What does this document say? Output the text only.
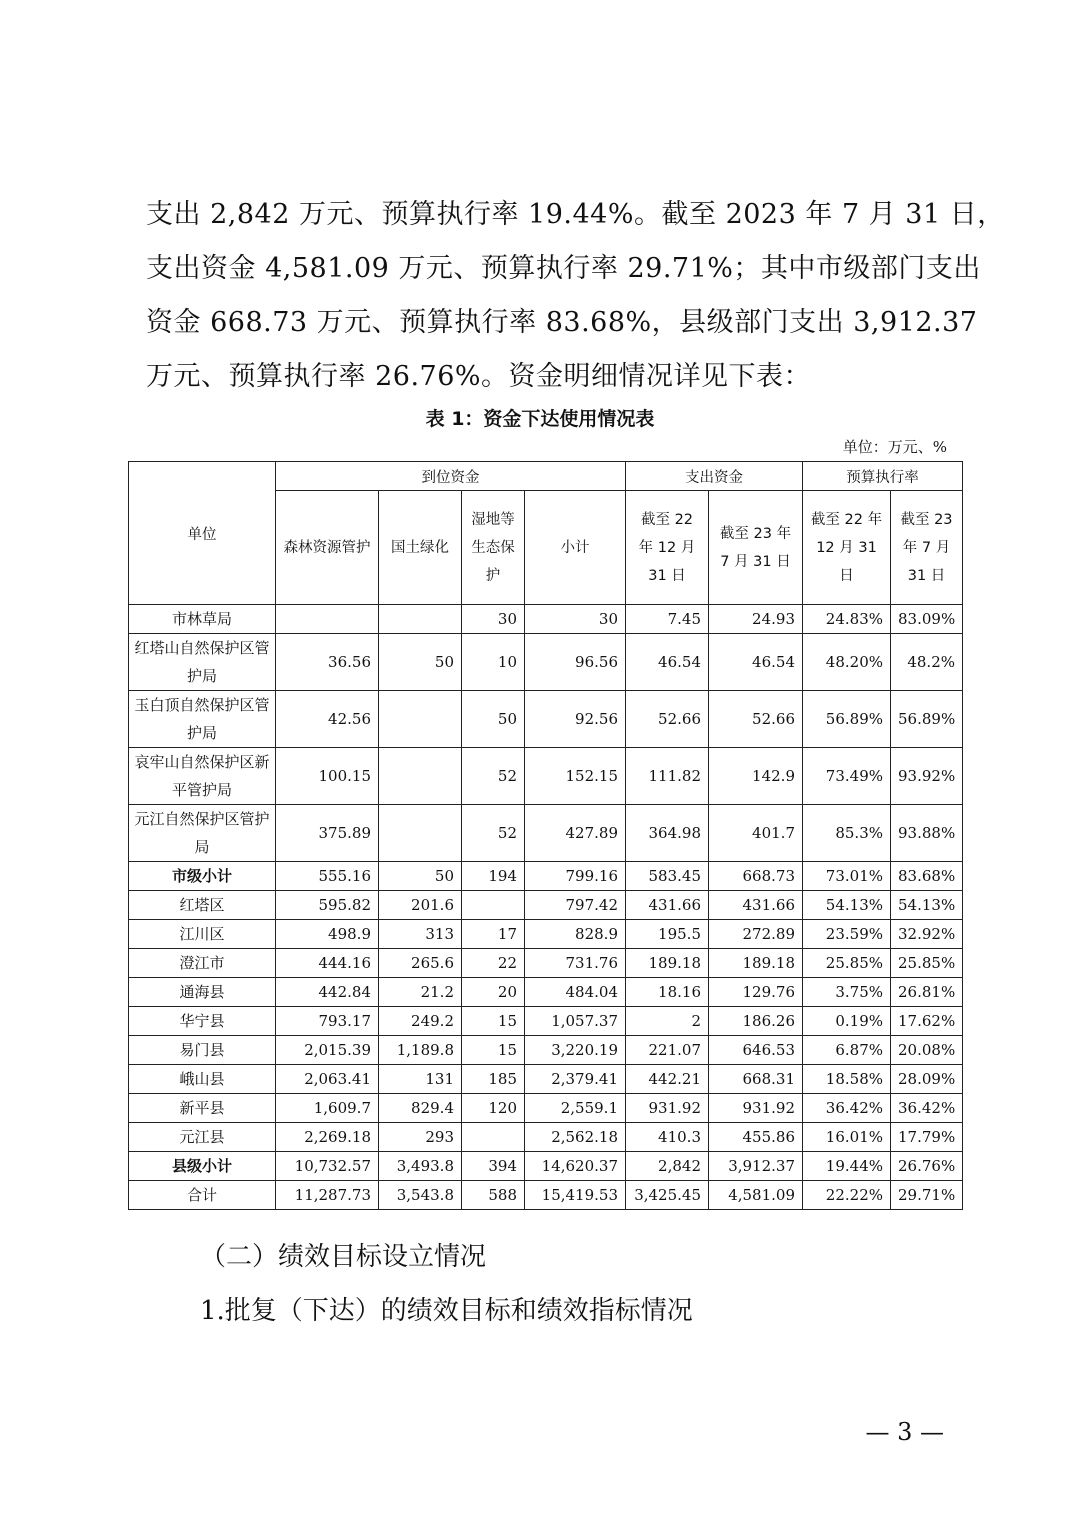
支出 2,842 万元、预算执行率 19.44%。截至 2023 年 7 月 31 日，

支出资金 4,581.09 万元、预算执行率 29.71%；其中市级部门支出

资金 668.73 万元、预算执行率 83.68%，县级部门支出 3,912.37

万元、预算执行率 26.76%。资金明细情况详见下表：

表 1：资金下达使用情况表
单位：万元、%
单位	到位资金				支出资金		预算执行率	
	森林资源管护	国土绿化	湿地等生态保护	小计	截至 22 年 12 月 31 日	截至 23 年 7 月 31 日	截至 22 年 12 月 31 日	截至 23 年 7 月 31 日
市林草局			30	30	7.45	24.93	24.83%	83.09%
红塔山自然保护区管护局	36.56	50	10	96.56	46.54	46.54	48.20%	48.2%
玉白顶自然保护区管护局	42.56		50	92.56	52.66	52.66	56.89%	56.89%
哀牢山自然保护区新平管护局	100.15		52	152.15	111.82	142.9	73.49%	93.92%
元江自然保护区管护局	375.89		52	427.89	364.98	401.7	85.3%	93.88%
市级小计	555.16	50	194	799.16	583.45	668.73	73.01%	83.68%
红塔区	595.82	201.6		797.42	431.66	431.66	54.13%	54.13%
江川区	498.9	313	17	828.9	195.5	272.89	23.59%	32.92%
澄江市	444.16	265.6	22	731.76	189.18	189.18	25.85%	25.85%
通海县	442.84	21.2	20	484.04	18.16	129.76	3.75%	26.81%
华宁县	793.17	249.2	15	1,057.37	2	186.26	0.19%	17.62%
易门县	2,015.39	1,189.8	15	3,220.19	221.07	646.53	6.87%	20.08%
峨山县	2,063.41	131	185	2,379.41	442.21	668.31	18.58%	28.09%
新平县	1,609.7	829.4	120	2,559.1	931.92	931.92	36.42%	36.42%
元江县	2,269.18	293		2,562.18	410.3	455.86	16.01%	17.79%
县级小计	10,732.57	3,493.8	394	14,620.37	2,842	3,912.37	19.44%	26.76%
合计	11,287.73	3,543.8	588	15,419.53	3,425.45	4,581.09	22.22%	29.71%
（二）绩效目标设立情况
1.批复（下达）的绩效目标和绩效指标情况
— 3 —
